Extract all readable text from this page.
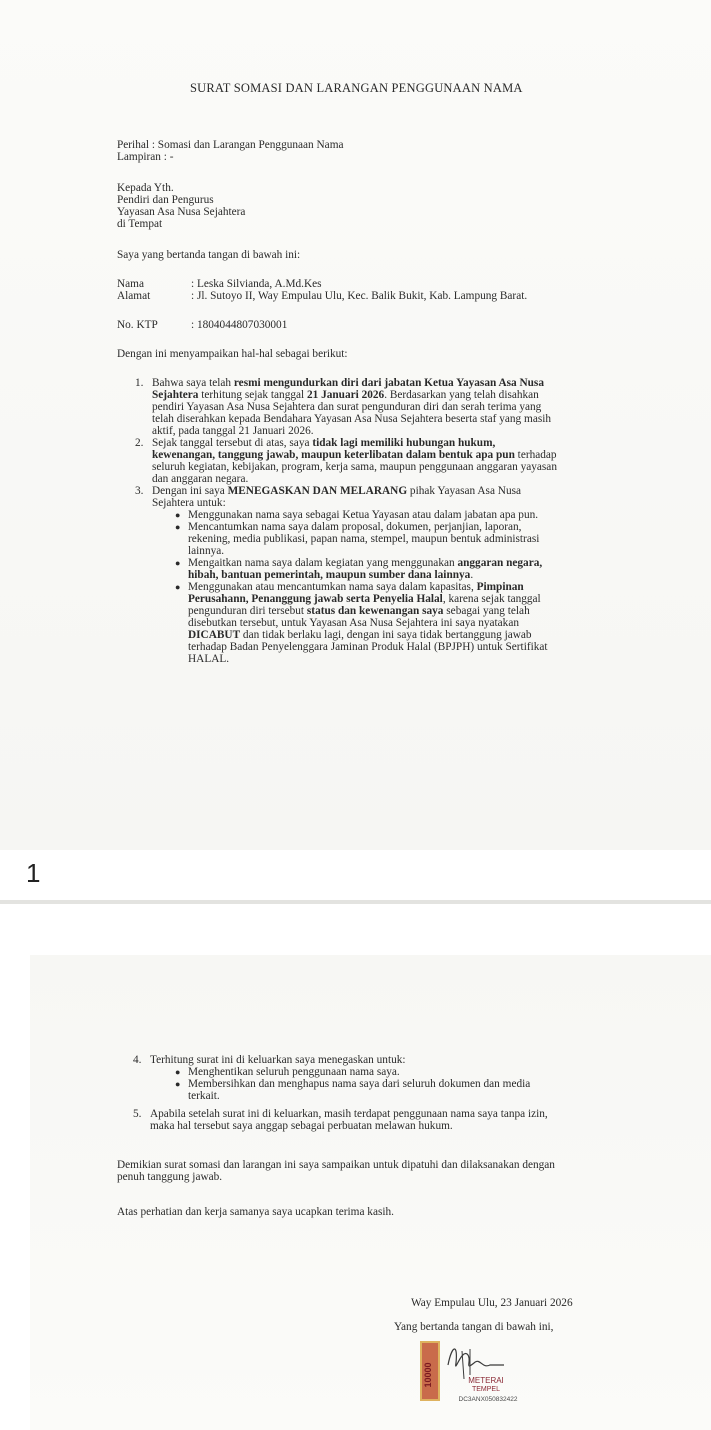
1
SURAT SOMASI DAN LARANGAN PENGGUNAAN NAMA
Perihal : Somasi dan Larangan Penggunaan Nama
Lampiran : -
Kepada Yth.
Pendiri dan Pengurus
Yayasan Asa Nusa Sejahtera
di Tempat
Saya yang bertanda tangan di bawah ini:
Nama	: Leska Silvianda, A.Md.Kes
Alamat	: Jl. Sutoyo II, Way Empulau Ulu, Kec. Balik Bukit, Kab. Lampung Barat.
No. KTP	: 1804044807030001
Dengan ini menyampaikan hal-hal sebagai berikut:
1. Bahwa saya telah resmi mengundurkan diri dari jabatan Ketua Yayasan Asa Nusa
Sejahtera terhitung sejak tanggal 21 Januari 2026. Berdasarkan yang telah disahkan
pendiri Yayasan Asa Nusa Sejahtera dan surat pengunduran diri dan serah terima yang
telah diserahkan kepada Bendahara Yayasan Asa Nusa Sejahtera beserta staf yang masih
aktif, pada tanggal 21 Januari 2026.
2. Sejak tanggal tersebut di atas, saya tidak lagi memiliki hubungan hukum,
kewenangan, tanggung jawab, maupun keterlibatan dalam bentuk apa pun terhadap
seluruh kegiatan, kebijakan, program, kerja sama, maupun penggunaan anggaran yayasan
dan anggaran negara.
3. Dengan ini saya MENEGASKAN DAN MELARANG pihak Yayasan Asa Nusa
Sejahtera untuk:
● Menggunakan nama saya sebagai Ketua Yayasan atau dalam jabatan apa pun.
● Mencantumkan nama saya dalam proposal, dokumen, perjanjian, laporan,
rekening, media publikasi, papan nama, stempel, maupun bentuk administrasi
lainnya.
● Mengaitkan nama saya dalam kegiatan yang menggunakan anggaran negara,
hibah, bantuan pemerintah, maupun sumber dana lainnya.
● Menggunakan atau mencantumkan nama saya dalam kapasitas, Pimpinan
Perusahann, Penanggung jawab serta Penyelia Halal, karena sejak tanggal
pengunduran diri tersebut status dan kewenangan saya sebagai yang telah
disebutkan tersebut, untuk Yayasan Asa Nusa Sejahtera ini saya nyatakan
DICABUT dan tidak berlaku lagi, dengan ini saya tidak bertanggung jawab
terhadap Badan Penyelenggara Jaminan Produk Halal (BPJPH) untuk Sertifikat
HALAL.
4. Terhitung surat ini di keluarkan saya menegaskan untuk:
● Menghentikan seluruh penggunaan nama saya.
● Membersihkan dan menghapus nama saya dari seluruh dokumen dan media
terkait.
5. Apabila setelah surat ini di keluarkan, masih terdapat penggunaan nama saya tanpa izin,
maka hal tersebut saya anggap sebagai perbuatan melawan hukum.
Demikian surat somasi dan larangan ini saya sampaikan untuk dipatuhi dan dilaksanakan dengan
penuh tanggung jawab.
Atas perhatian dan kerja samanya saya ucapkan terima kasih.
Way Empulau Ulu, 23 Januari 2026
Yang bertanda tangan di bawah ini,
10000	METERAI
TEMPEL
DC3ANX050832422
